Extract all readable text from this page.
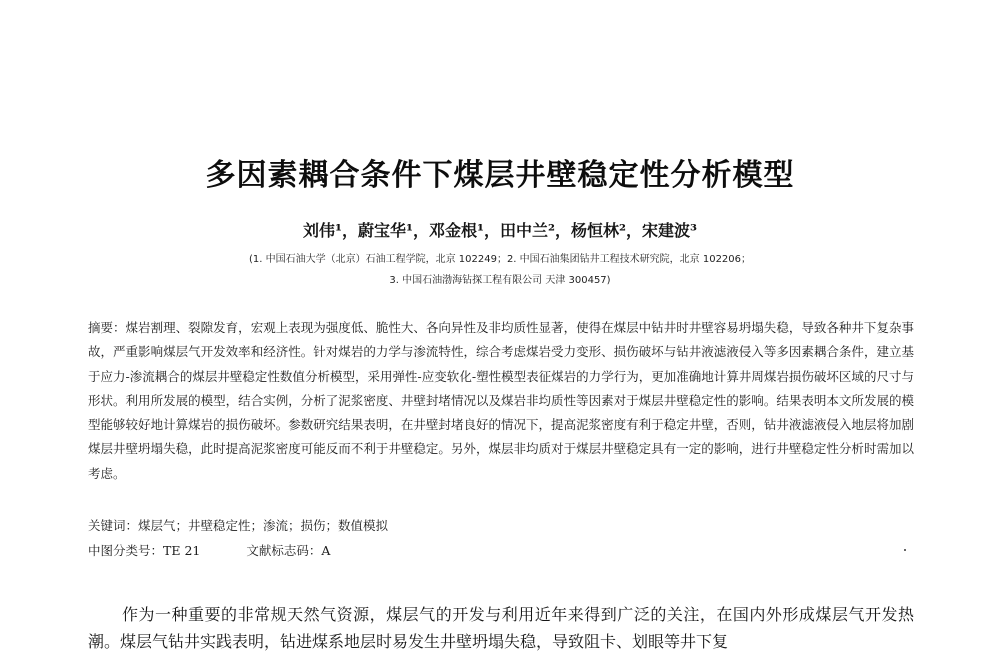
多因素耦合条件下煤层井壁稳定性分析模型
刘伟¹，蔚宝华¹，邓金根¹，田中兰²，杨恒林²，宋建波³
(1. 中国石油大学（北京）石油工程学院，北京 102249；2. 中国石油集团钻井工程技术研究院，北京 102206；
3. 中国石油渤海钻探工程有限公司 天津 300457)
摘要：煤岩割理、裂隙发育，宏观上表现为强度低、脆性大、各向异性及非均质性显著，使得在煤层中钻井时井壁容易坍塌失稳，导致各种井下复杂事故，严重影响煤层气开发效率和经济性。针对煤岩的力学与渗流特性，综合考虑煤岩受力变形、损伤破坏与钻井液滤液侵入等多因素耦合条件，建立基于应力-渗流耦合的煤层井壁稳定性数值分析模型，采用弹性-应变软化-塑性模型表征煤岩的力学行为，更加准确地计算井周煤岩损伤破坏区域的尺寸与形状。利用所发展的模型，结合实例，分析了泥浆密度、井壁封堵情况以及煤岩非均质性等因素对于煤层井壁稳定性的影响。结果表明本文所发展的模型能够较好地计算煤岩的损伤破坏。参数研究结果表明，在井壁封堵良好的情况下，提高泥浆密度有利于稳定井壁，否则，钻井液滤液侵入地层将加剧煤层井壁坍塌失稳，此时提高泥浆密度可能反而不利于井壁稳定。另外，煤层非均质对于煤层井壁稳定具有一定的影响，进行井壁稳定性分析时需加以考虑。
关键词：煤层气；井壁稳定性；渗流；损伤；数值模拟
中图分类号：TE 21	文献标志码：A
作为一种重要的非常规天然气资源，煤层气的开发与利用近年来得到广泛的关注，在国内外形成煤层气开发热潮。煤层气钻井实践表明，钻进煤系地层时易发生井壁坍塌失稳，导致阻卡、划眼等井下复
